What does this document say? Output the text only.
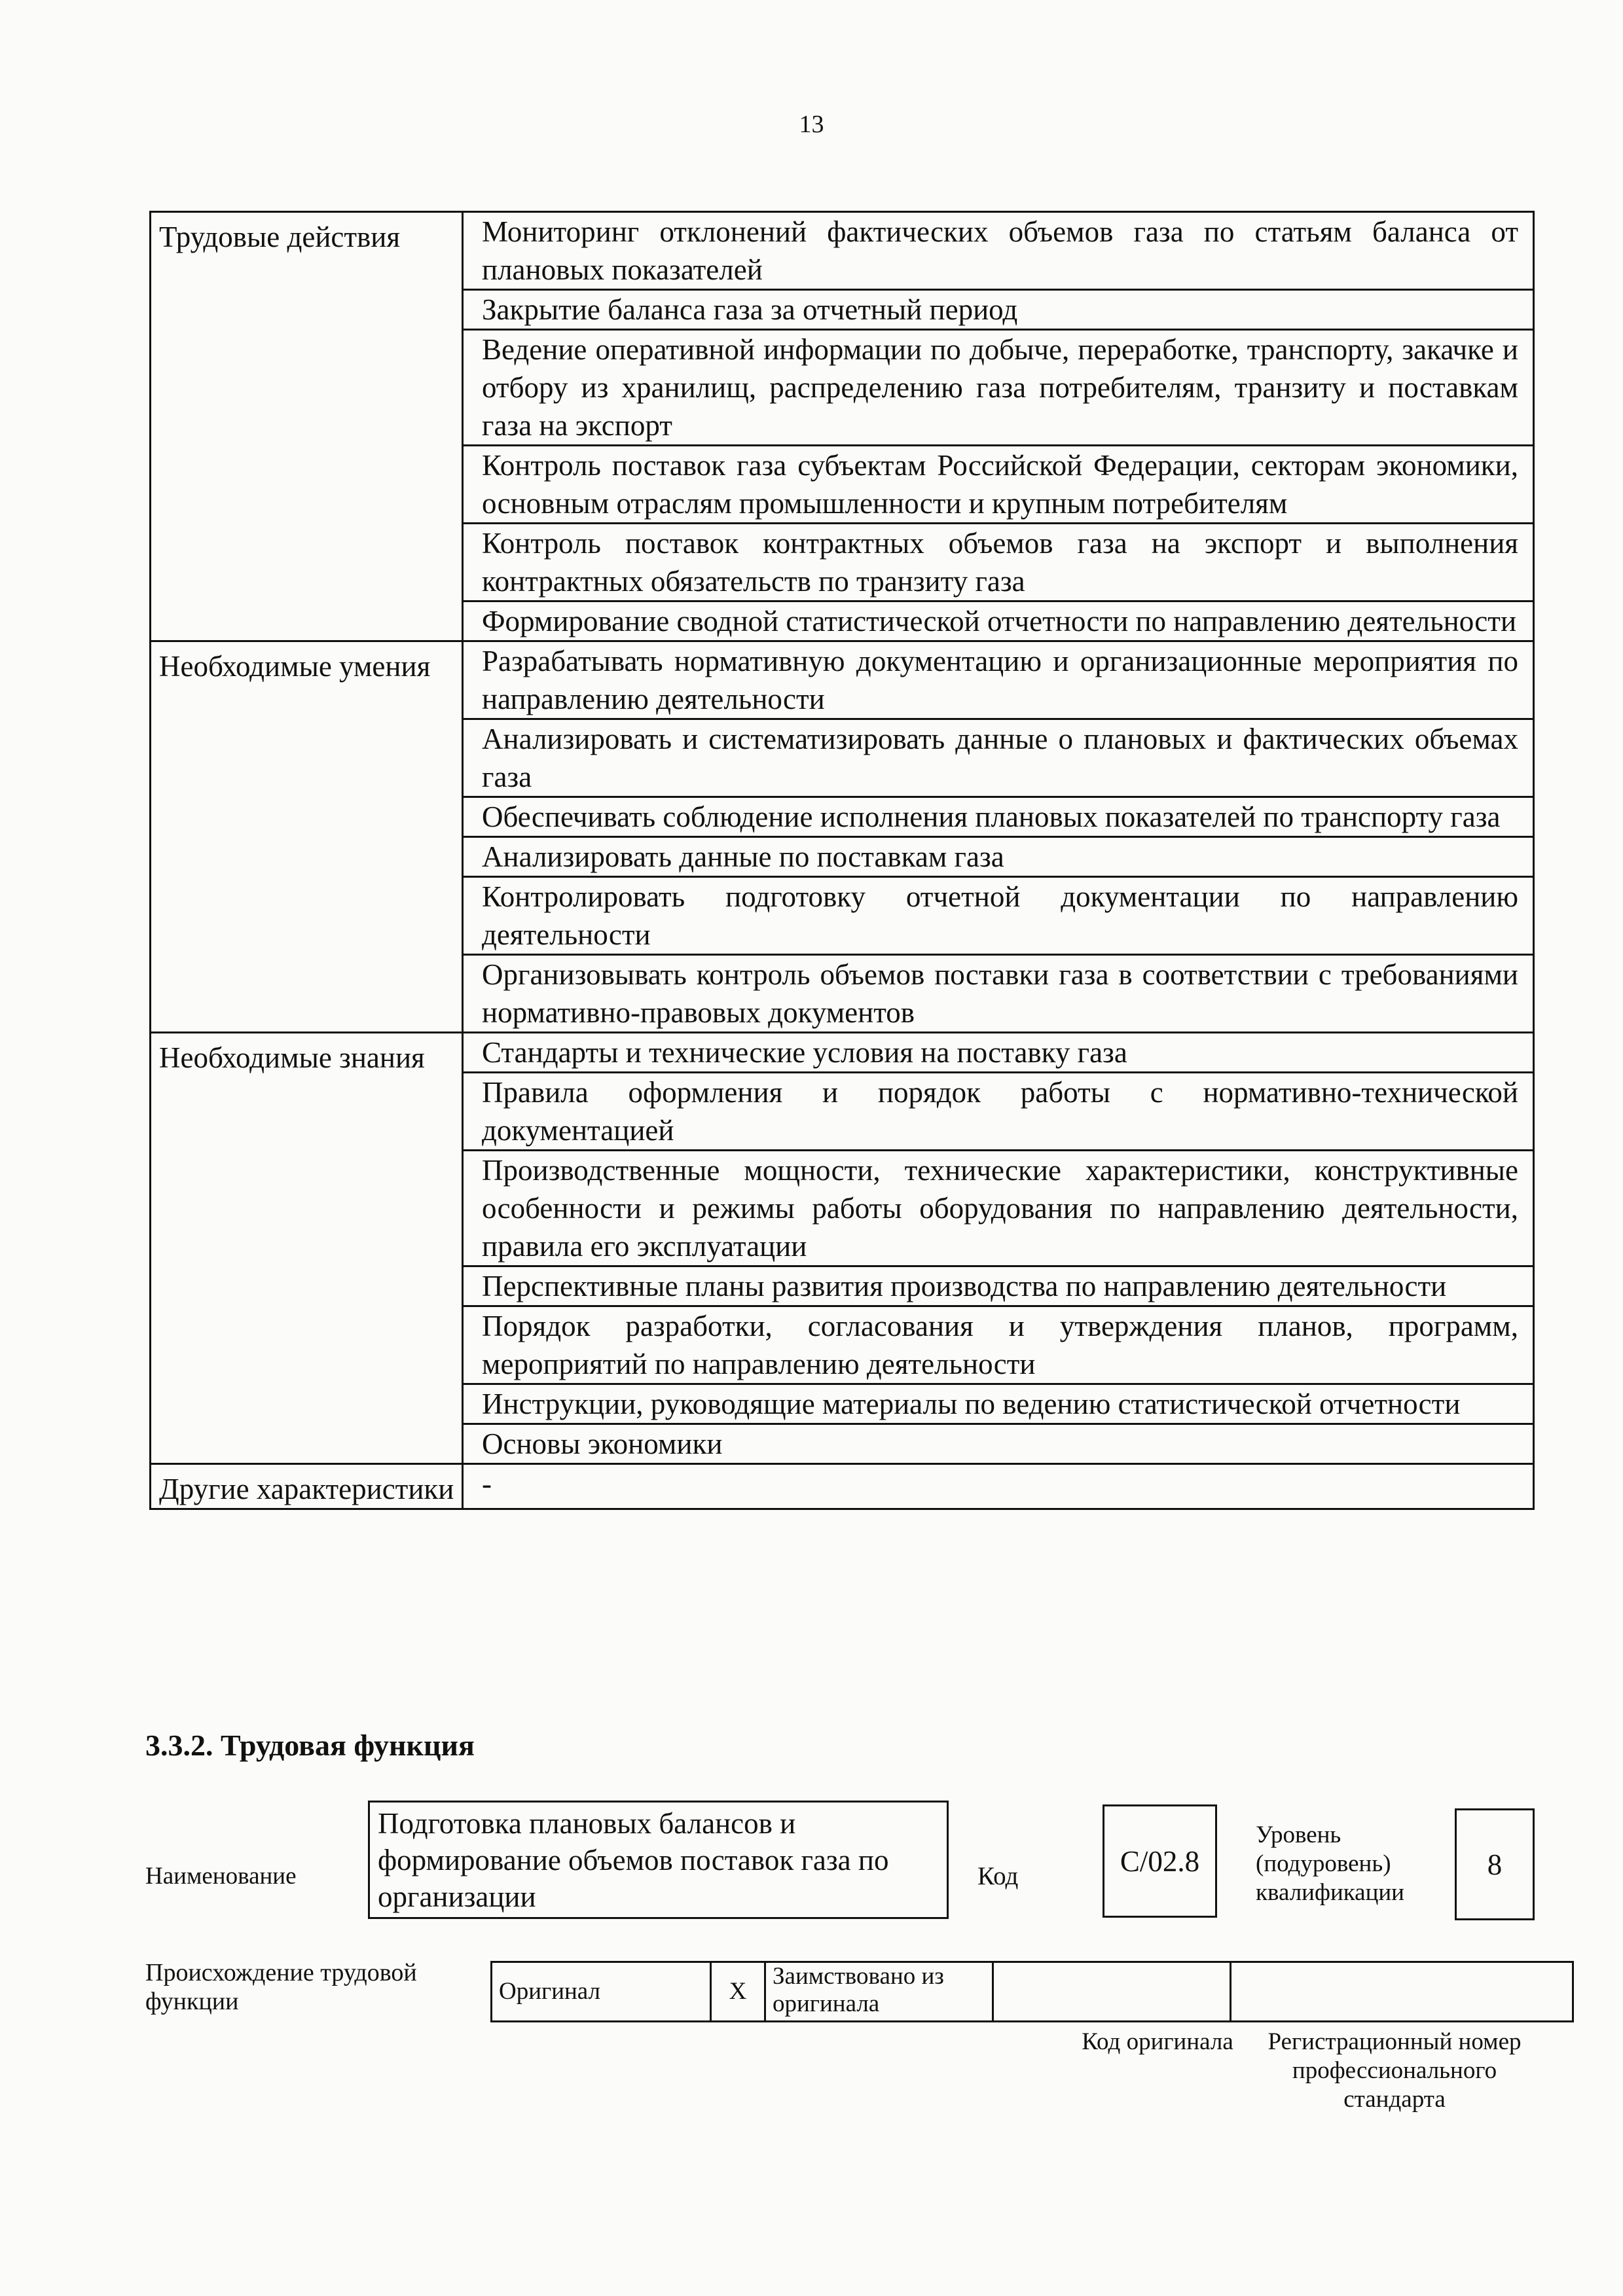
13
Трудовые действия	Мониторинг отклонений фактических объемов газа по статьям баланса от плановых показателей
	Закрытие баланса газа за отчетный период
	Ведение оперативной информации по добыче, переработке, транспорту, закачке и отбору из хранилищ, распределению газа потребителям, транзиту и поставкам газа на экспорт
	Контроль поставок газа субъектам Российской Федерации, секторам экономики, основным отраслям промышленности и крупным потребителям
	Контроль поставок контрактных объемов газа на экспорт и выполнения контрактных обязательств по транзиту газа
	Формирование сводной статистической отчетности по направлению деятельности
Необходимые умения	Разрабатывать нормативную документацию и организационные мероприятия по направлению деятельности
	Анализировать и систематизировать данные о плановых и фактических объемах газа
	Обеспечивать соблюдение исполнения плановых показателей по транспорту газа
	Анализировать данные по поставкам газа
	Контролировать подготовку отчетной документации по направлению деятельности
	Организовывать контроль объемов поставки газа в соответствии с требованиями нормативно-правовых документов
Необходимые знания	Стандарты и технические условия на поставку газа
	Правила оформления и порядок работы с нормативно-технической документацией
	Производственные мощности, технические характеристики, конструктивные особенности и режимы работы оборудования по направлению деятельности, правила его эксплуатации
	Перспективные планы развития производства по направлению деятельности
	Порядок разработки, согласования и утверждения планов, программ, мероприятий по направлению деятельности
	Инструкции, руководящие материалы по ведению статистической отчетности
	Основы экономики
Другие характеристики	-
3.3.2. Трудовая функция
Наименование
Подготовка плановых балансов и формирование объемов поставок газа по организации
Код	С/02.8
Уровень (подуровень) квалификации
8
Происхождение трудовой функции	Оригинал	X	Заимствовано из оригинала		
Код оригинала	Регистрационный номер профессионального стандарта
